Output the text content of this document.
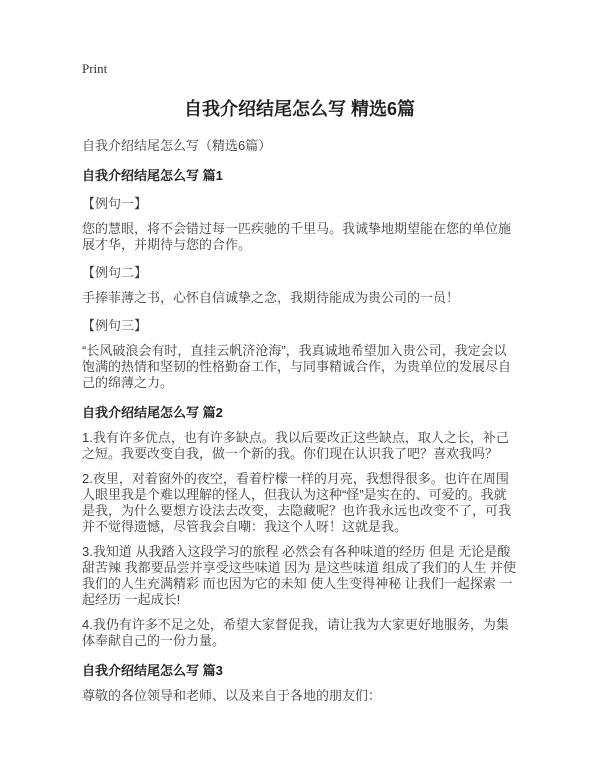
Print
自我介绍结尾怎么写 精选6篇

自我介绍结尾怎么写（精选6篇）

自我介绍结尾怎么写 篇1

【例句一】

您的慧眼，将不会错过每一匹疾驰的千里马。我诚挚地期望能在您的单位施展才华，并期待与您的合作。

【例句二】

手捧菲薄之书，心怀自信诚挚之念，我期待能成为贵公司的一员！

【例句三】

“长风破浪会有时，直挂云帆济沧海”，我真诚地希望加入贵公司，我定会以饱满的热情和坚韧的性格勤奋工作，与同事精诚合作，为贵单位的发展尽自己的绵薄之力。

自我介绍结尾怎么写 篇2

1.我有许多优点，也有许多缺点。我以后要改正这些缺点，取人之长，补己之短。我要改变自我，做一个新的我。你们现在认识我了吧？喜欢我吗？

2.夜里，对着窗外的夜空，看着柠檬一样的月亮，我想得很多。也许在周围人眼里我是个难以理解的怪人，但我认为这种“怪”是实在的、可爱的。我就是我，为什么要想方设法去改变，去隐藏呢？也许我永远也改变不了，可我并不觉得遗憾，尽管我会自嘲：我这个人呀！这就是我。

3.我知道 从我踏入这段学习的旅程 必然会有各种味道的经历 但是 无论是酸甜苦辣 我都要品尝并享受这些味道 因为 是这些味道 组成了我们的人生 并使我们的人生充满精彩 而也因为它的未知 使人生变得神秘 让我们一起探索 一起经历 一起成长!

4.我仍有许多不足之处，希望大家督促我，请让我为大家更好地服务，为集体奉献自己的一份力量。

自我介绍结尾怎么写 篇3

尊敬的各位领导和老师、以及来自于各地的朋友们：
